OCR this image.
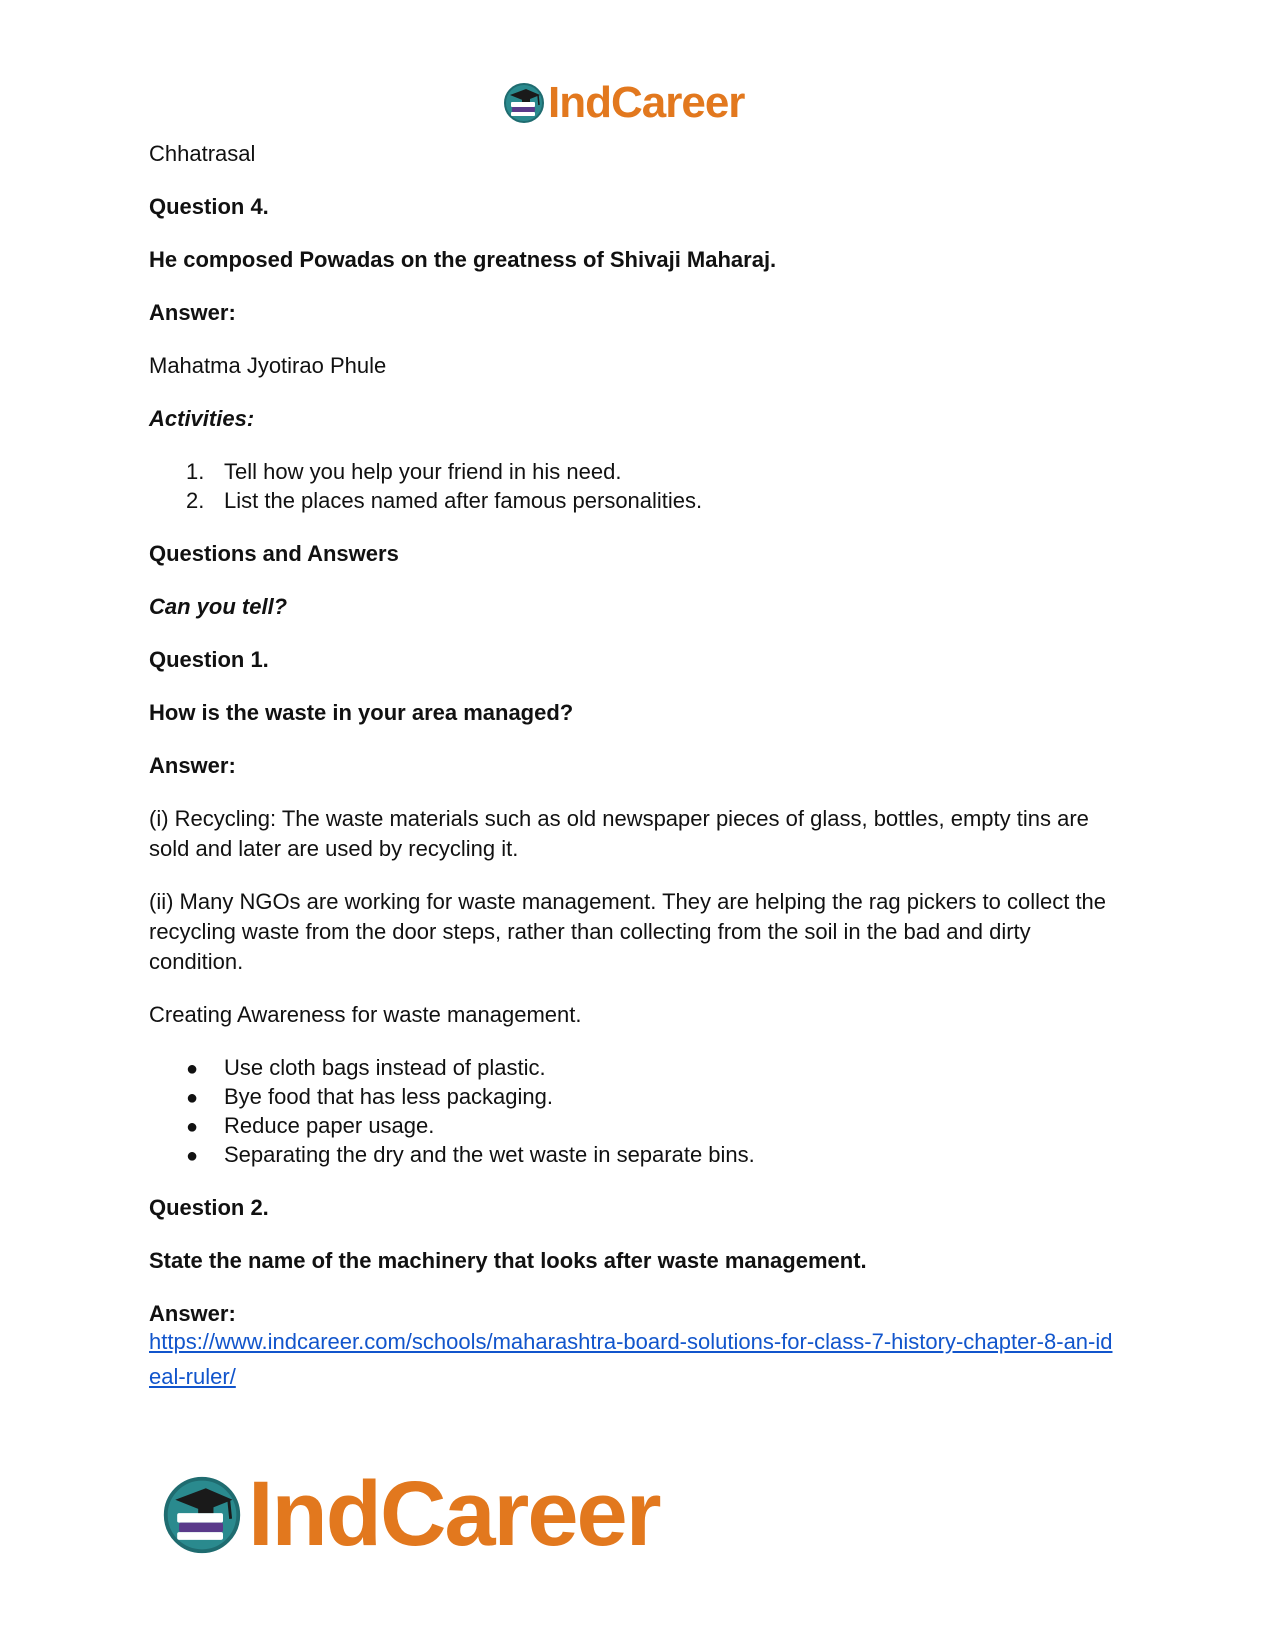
IndCareer

Chhatrasal

Question 4.

He composed Powadas on the greatness of Shivaji Maharaj.

Answer:

Mahatma Jyotirao Phule

Activities:

1. Tell how you help your friend in his need.

2. List the places named after famous personalities.

Questions and Answers

Can you tell?

Question 1.

How is the waste in your area managed?

Answer:

(i) Recycling: The waste materials such as old newspaper pieces of glass, bottles, empty tins are sold and later are used by recycling it.

(ii) Many NGOs are working for waste management. They are helping the rag pickers to collect the recycling waste from the door steps, rather than collecting from the soil in the bad and dirty condition.

Creating Awareness for waste management.

● Use cloth bags instead of plastic.

● Bye food that has less packaging.

● Reduce paper usage.

● Separating the dry and the wet waste in separate bins.

Question 2.

State the name of the machinery that looks after waste management.

Answer:

https://www.indcareer.com/schools/maharashtra-board-solutions-for-class-7-history-chapter-8-an-ideal-ruler/
IndCareer
